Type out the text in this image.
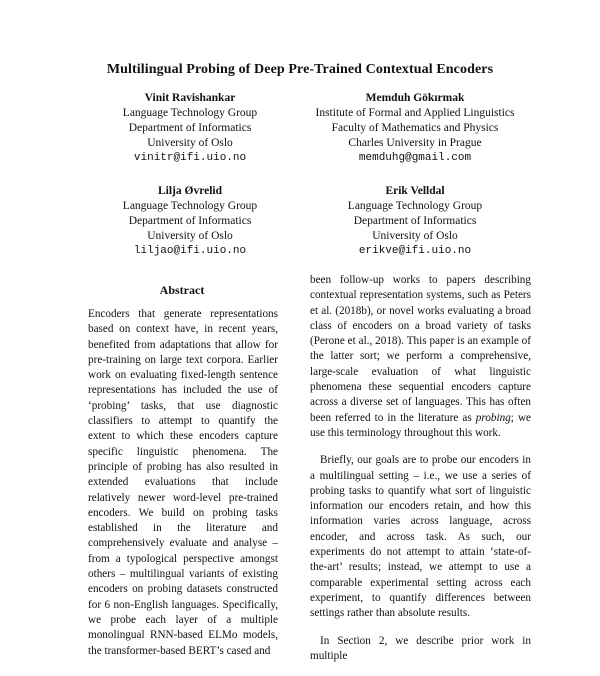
Multilingual Probing of Deep Pre-Trained Contextual Encoders
Vinit Ravishankar
Language Technology Group
Department of Informatics
University of Oslo
vinitr@ifi.uio.no
Memduh Gökırmak
Institute of Formal and Applied Linguistics
Faculty of Mathematics and Physics
Charles University in Prague
memduhg@gmail.com
Lilja Øvrelid
Language Technology Group
Department of Informatics
University of Oslo
liljao@ifi.uio.no
Erik Velldal
Language Technology Group
Department of Informatics
University of Oslo
erikve@ifi.uio.no
Abstract

Encoders that generate representations based on context have, in recent years, benefited from adaptations that allow for pre-training on large text corpora. Earlier work on evaluating fixed-length sentence representations has included the use of ‘probing’ tasks, that use diagnostic classifiers to attempt to quantify the extent to which these encoders capture specific linguistic phenomena. The principle of probing has also resulted in extended evaluations that include relatively newer word-level pre-trained encoders. We build on probing tasks established in the literature and comprehensively evaluate and analyse – from a typological perspective amongst others – multilingual variants of existing encoders on probing datasets constructed for 6 non-English languages. Specifically, we probe each layer of a multiple monolingual RNN-based ELMo models, the transformer-based BERT’s cased and

been follow-up works to papers describing contextual representation systems, such as Peters et al. (2018b), or novel works evaluating a broad class of encoders on a broad variety of tasks (Perone et al., 2018). This paper is an example of the latter sort; we perform a comprehensive, large-scale evaluation of what linguistic phenomena these sequential encoders capture across a diverse set of languages. This has often been referred to in the literature as probing; we use this terminology throughout this work.

Briefly, our goals are to probe our encoders in a multilingual setting – i.e., we use a series of probing tasks to quantify what sort of linguistic information our encoders retain, and how this information varies across language, across encoder, and across task. As such, our experiments do not attempt to attain ‘state-of-the-art’ results; instead, we attempt to use a comparable experimental setting across each experiment, to quantify differences between settings rather than absolute results.

In Section 2, we describe prior work in multiple
